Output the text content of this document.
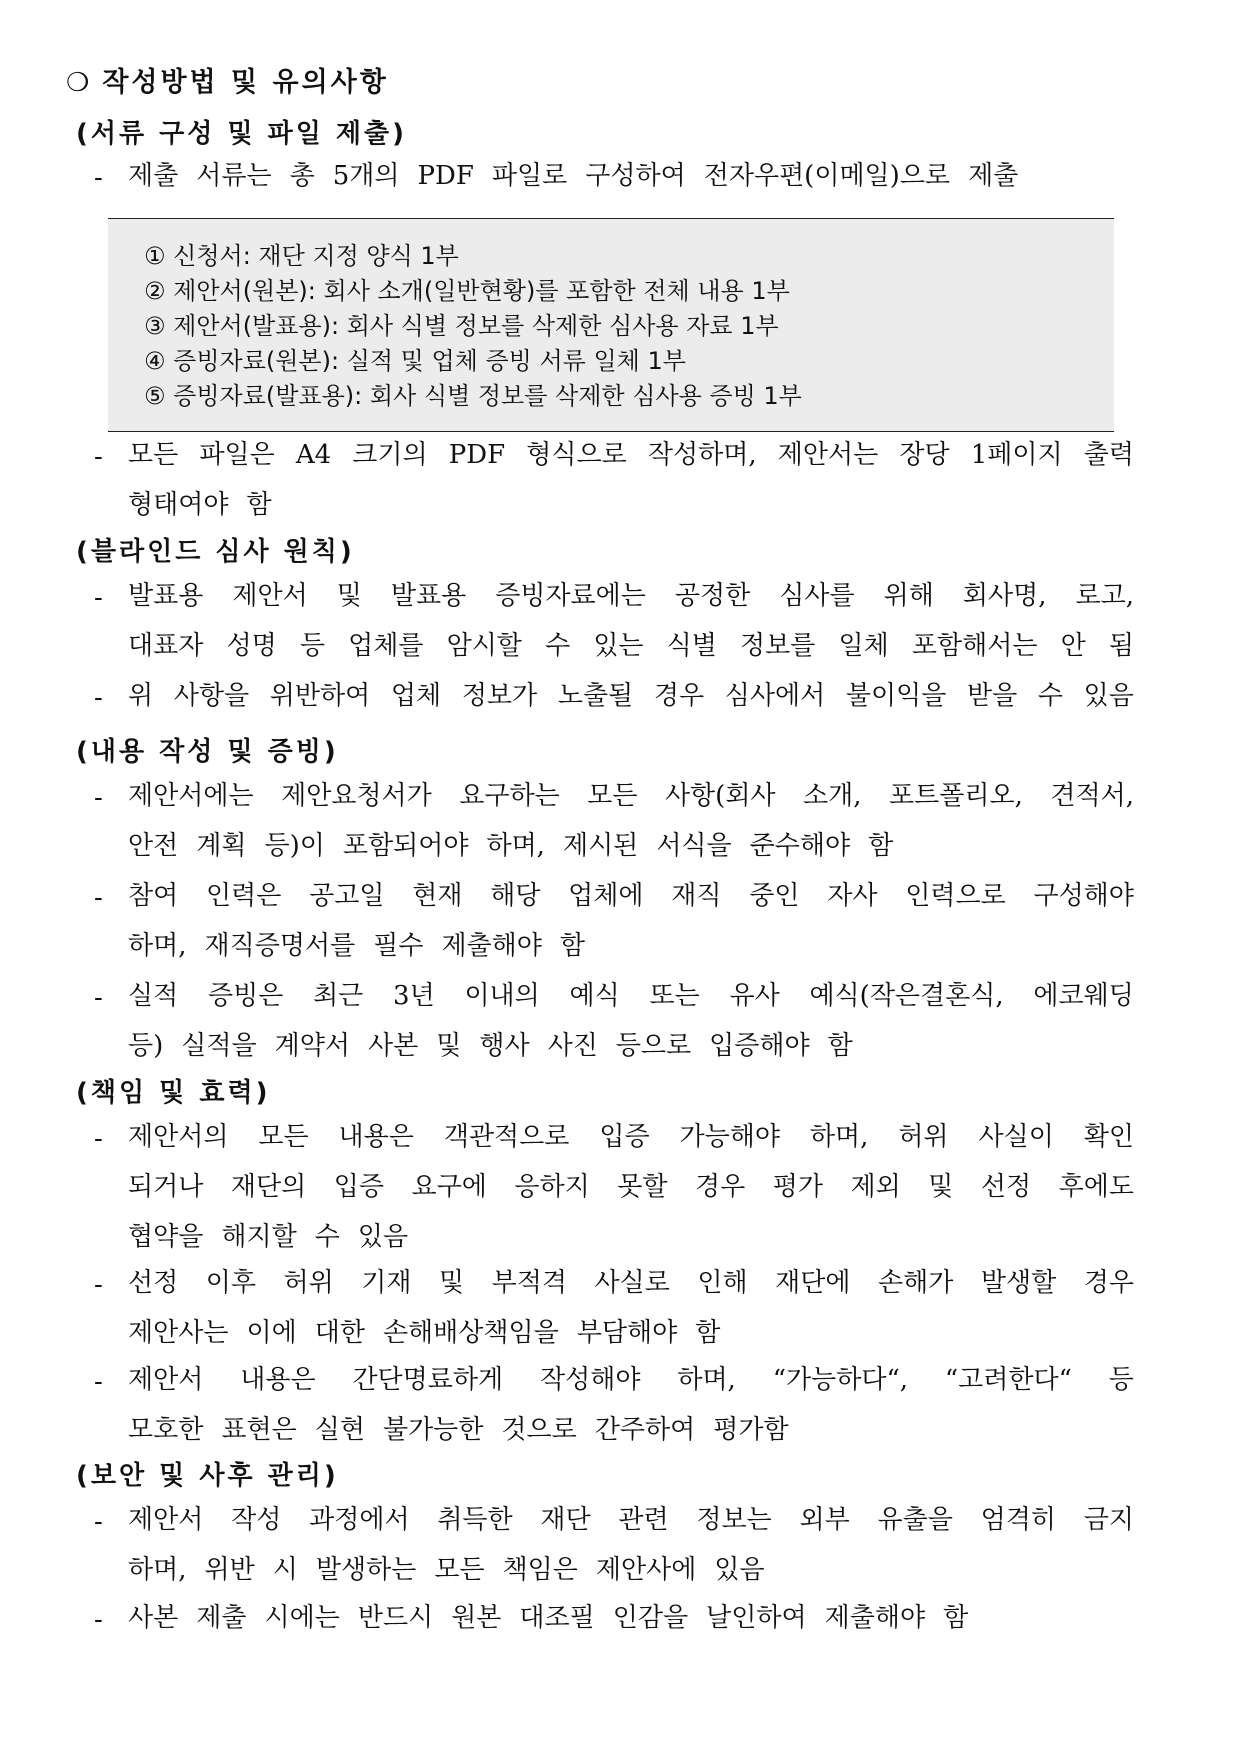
❍ 작성방법 및 유의사항
(서류 구성 및 파일 제출)
- 제출 서류는 총 5개의 PDF 파일로 구성하여 전자우편(이메일)으로 제출
① 신청서: 재단 지정 양식 1부
② 제안서(원본): 회사 소개(일반현황)를 포함한 전체 내용 1부
③ 제안서(발표용): 회사 식별 정보를 삭제한 심사용 자료 1부
④ 증빙자료(원본): 실적 및 업체 증빙 서류 일체 1부
⑤ 증빙자료(발표용): 회사 식별 정보를 삭제한 심사용 증빙 1부
- 모든 파일은 A4 크기의 PDF 형식으로 작성하며, 제안서는 장당 1페이지 출력
형태여야 함
(블라인드 심사 원칙)
- 발표용 제안서 및 발표용 증빙자료에는 공정한 심사를 위해 회사명, 로고,
대표자 성명 등 업체를 암시할 수 있는 식별 정보를 일체 포함해서는 안 됨
- 위 사항을 위반하여 업체 정보가 노출될 경우 심사에서 불이익을 받을 수 있음
(내용 작성 및 증빙)
- 제안서에는 제안요청서가 요구하는 모든 사항(회사 소개, 포트폴리오, 견적서,
안전 계획 등)이 포함되어야 하며, 제시된 서식을 준수해야 함
- 참여 인력은 공고일 현재 해당 업체에 재직 중인 자사 인력으로 구성해야
하며, 재직증명서를 필수 제출해야 함
- 실적 증빙은 최근 3년 이내의 예식 또는 유사 예식(작은결혼식, 에코웨딩
등) 실적을 계약서 사본 및 행사 사진 등으로 입증해야 함
(책임 및 효력)
- 제안서의 모든 내용은 객관적으로 입증 가능해야 하며, 허위 사실이 확인
되거나 재단의 입증 요구에 응하지 못할 경우 평가 제외 및 선정 후에도
협약을 해지할 수 있음
- 선정 이후 허위 기재 및 부적격 사실로 인해 재단에 손해가 발생할 경우
제안사는 이에 대한 손해배상책임을 부담해야 함
- 제안서 내용은 간단명료하게 작성해야 하며, “가능하다“, “고려한다“ 등
모호한 표현은 실현 불가능한 것으로 간주하여 평가함
(보안 및 사후 관리)
- 제안서 작성 과정에서 취득한 재단 관련 정보는 외부 유출을 엄격히 금지
하며, 위반 시 발생하는 모든 책임은 제안사에 있음
- 사본 제출 시에는 반드시 원본 대조필 인감을 날인하여 제출해야 함
